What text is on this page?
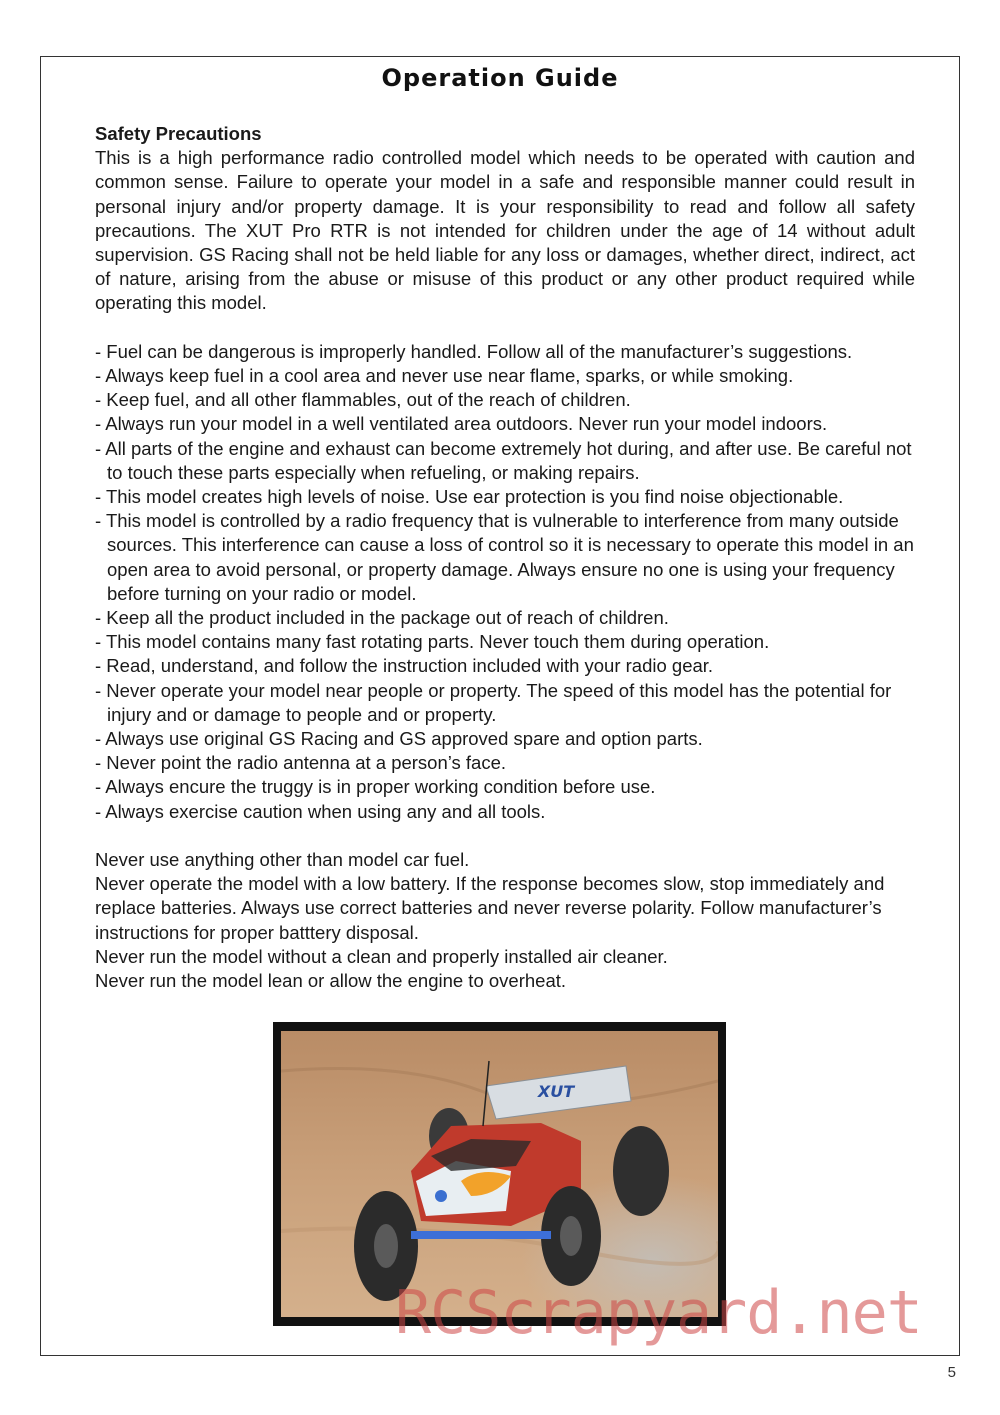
Operation Guide

Safety Precautions

This is a high performance radio controlled model which needs to be operated with caution and common sense. Failure to operate your model in a safe and responsible manner could result in personal injury and/or property damage. It is your responsibility to read and follow all safety precautions. The XUT Pro RTR is not intended for children under the age of 14 without adult supervision. GS Racing shall not be held liable for any loss or damages, whether direct, indirect, act of nature, arising from the abuse or misuse of this product or any other product required while operating this model.

- Fuel can be dangerous is improperly handled. Follow all of the manufacturer’s suggestions.
- Always keep fuel in a cool area and never use near flame, sparks, or while smoking.
- Keep fuel, and all other flammables, out of the reach of children.
- Always run your model in a well ventilated area outdoors. Never run your model indoors.
- All parts of the engine and exhaust can become extremely hot during, and after use. Be careful not to touch these parts especially when refueling, or making repairs.
- This model creates high levels of noise. Use ear protection is you find noise objectionable.
- This model is controlled by a radio frequency that is vulnerable to interference from many outside sources. This interference can cause a loss of control so it is necessary to operate this model in an open area to avoid personal, or property damage. Always ensure no one is using your frequency before turning on your radio or model.
- Keep all the product included in the package out of reach of children.
- This model contains many fast rotating parts. Never touch them during operation.
- Read, understand, and follow the instruction included with your radio gear.
- Never operate your model near people or property. The speed of this model has the potential for injury and or damage to people and or property.
- Always use original GS Racing and GS approved spare and option parts.
- Never point the radio antenna at a person’s face.
- Always encure the truggy is in proper working condition before use.
- Always exercise caution when using any and all tools.

Never use anything other than model car fuel.

Never operate the model with a low battery. If the response becomes slow, stop immediately and replace batteries. Always use correct batteries and never reverse polarity. Follow manufacturer’s instructions for proper batttery disposal.

Never run the model without a clean and properly installed air cleaner.

Never run the model lean or allow the engine to overheat.

XUT
RCScrapyard.net
5
